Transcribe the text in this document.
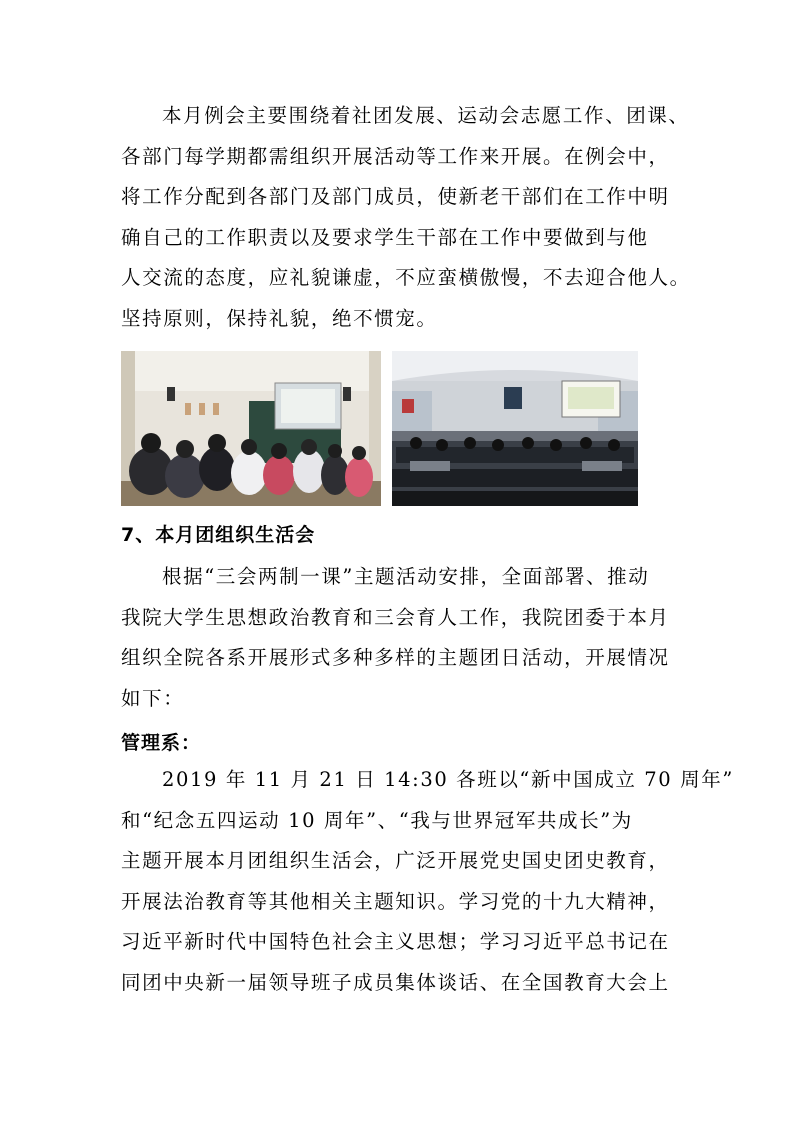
本月例会主要围绕着社团发展、运动会志愿工作、团课、
各部门每学期都需组织开展活动等工作来开展。在例会中，
将工作分配到各部门及部门成员，使新老干部们在工作中明
确自己的工作职责以及要求学生干部在工作中要做到与他
人交流的态度，应礼貌谦虚，不应蛮横傲慢，不去迎合他人。
坚持原则，保持礼貌，绝不惯宠。

7、本月团组织生活会

根据“三会两制一课”主题活动安排，全面部署、推动
我院大学生思想政治教育和三会育人工作，我院团委于本月
组织全院各系开展形式多种多样的主题团日活动，开展情况
如下：

管理系：

2019 年 11 月 21 日 14:30 各班以“新中国成立 70 周年”
和“纪念五四运动 10 周年”、“我与世界冠军共成长”为
主题开展本月团组织生活会，广泛开展党史国史团史教育，
开展法治教育等其他相关主题知识。学习党的十九大精神，
习近平新时代中国特色社会主义思想；学习习近平总书记在
同团中央新一届领导班子成员集体谈话、在全国教育大会上
